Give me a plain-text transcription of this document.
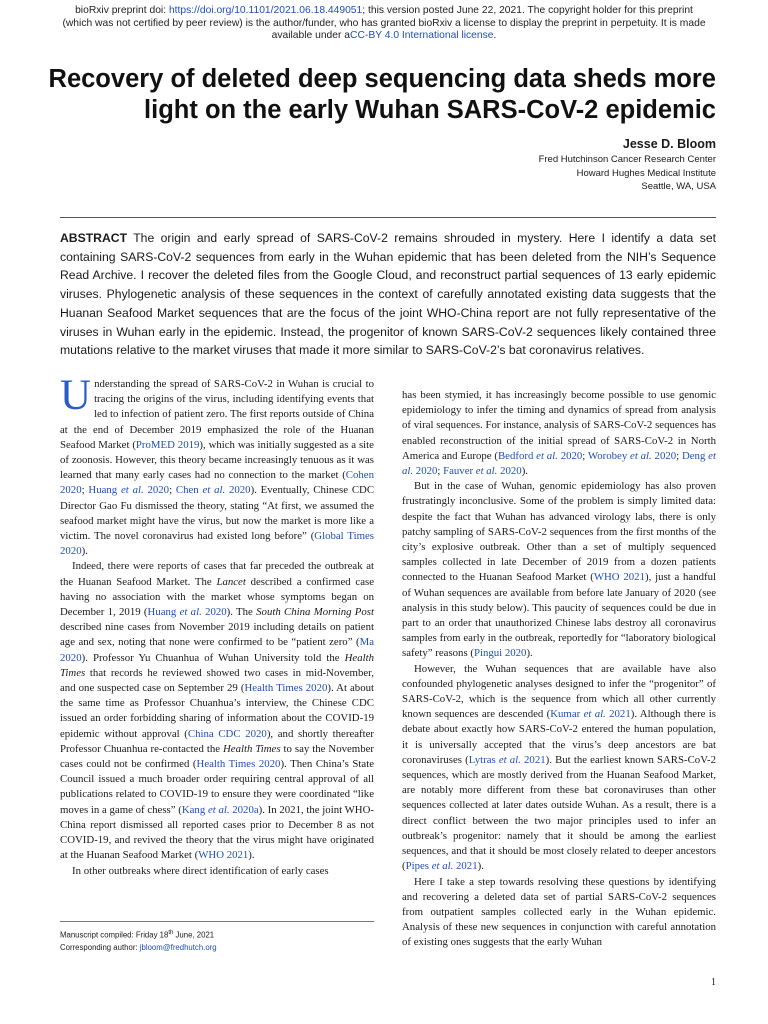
bioRxiv preprint doi: https://doi.org/10.1101/2021.06.18.449051; this version posted June 22, 2021. The copyright holder for this preprint
(which was not certified by peer review) is the author/funder, who has granted bioRxiv a license to display the preprint in perpetuity. It is made
available under aCC-BY 4.0 International license.
Recovery of deleted deep sequencing data sheds more light on the early Wuhan SARS-CoV-2 epidemic
Jesse D. Bloom
Fred Hutchinson Cancer Research Center
Howard Hughes Medical Institute
Seattle, WA, USA
ABSTRACT The origin and early spread of SARS-CoV-2 remains shrouded in mystery. Here I identify a data set containing SARS-CoV-2 sequences from early in the Wuhan epidemic that has been deleted from the NIH’s Sequence Read Archive. I recover the deleted files from the Google Cloud, and reconstruct partial sequences of 13 early epidemic viruses. Phylogenetic analysis of these sequences in the context of carefully annotated existing data suggests that the Huanan Seafood Market sequences that are the focus of the joint WHO-China report are not fully representative of the viruses in Wuhan early in the epidemic. Instead, the progenitor of known SARS-CoV-2 sequences likely contained three mutations relative to the market viruses that made it more similar to SARS-CoV-2’s bat coronavirus relatives.

Understanding the spread of SARS-CoV-2 in Wuhan is crucial to tracing the origins of the virus, including identifying events that led to infection of patient zero. The first reports outside of China at the end of December 2019 emphasized the role of the Huanan Seafood Market (ProMED 2019), which was initially suggested as a site of zoonosis. However, this theory became increasingly tenuous as it was learned that many early cases had no connection to the market (Cohen 2020; Huang et al. 2020; Chen et al. 2020). Eventually, Chinese CDC Director Gao Fu dismissed the theory, stating “At first, we assumed the seafood market might have the virus, but now the market is more like a victim. The novel coronavirus had existed long before” (Global Times 2020).

Indeed, there were reports of cases that far preceded the outbreak at the Huanan Seafood Market. The Lancet described a confirmed case having no association with the market whose symptoms began on December 1, 2019 (Huang et al. 2020). The South China Morning Post described nine cases from November 2019 including details on patient age and sex, noting that none were confirmed to be “patient zero” (Ma 2020). Professor Yu Chuanhua of Wuhan University told the Health Times that records he reviewed showed two cases in mid-November, and one suspected case on September 29 (Health Times 2020). At about the same time as Professor Chuanhua’s interview, the Chinese CDC issued an order forbidding sharing of information about the COVID-19 epidemic without approval (China CDC 2020), and shortly thereafter Professor Chuanhua re-contacted the Health Times to say the November cases could not be confirmed (Health Times 2020). Then China’s State Council issued a much broader order requiring central approval of all publications related to COVID-19 to ensure they were coordinated “like moves in a game of chess” (Kang et al. 2020a). In 2021, the joint WHO-China report dismissed all reported cases prior to December 8 as not COVID-19, and revived the theory that the virus might have originated at the Huanan Seafood Market (WHO 2021).

In other outbreaks where direct identification of early cases

has been stymied, it has increasingly become possible to use genomic epidemiology to infer the timing and dynamics of spread from analysis of viral sequences. For instance, analysis of SARS-CoV-2 sequences has enabled reconstruction of the initial spread of SARS-CoV-2 in North America and Europe (Bedford et al. 2020; Worobey et al. 2020; Deng et al. 2020; Fauver et al. 2020).

But in the case of Wuhan, genomic epidemiology has also proven frustratingly inconclusive. Some of the problem is simply limited data: despite the fact that Wuhan has advanced virology labs, there is only patchy sampling of SARS-CoV-2 sequences from the first months of the city’s explosive outbreak. Other than a set of multiply sequenced samples collected in late December of 2019 from a dozen patients connected to the Huanan Seafood Market (WHO 2021), just a handful of Wuhan sequences are available from before late January of 2020 (see analysis in this study below). This paucity of sequences could be due in part to an order that unauthorized Chinese labs destroy all coronavirus samples from early in the outbreak, reportedly for “laboratory biological safety” reasons (Pingui 2020).

However, the Wuhan sequences that are available have also confounded phylogenetic analyses designed to infer the “progenitor” of SARS-CoV-2, which is the sequence from which all other currently known sequences are descended (Kumar et al. 2021). Although there is debate about exactly how SARS-CoV-2 entered the human population, it is universally accepted that the virus’s deep ancestors are bat coronaviruses (Lytras et al. 2021). But the earliest known SARS-CoV-2 sequences, which are mostly derived from the Huanan Seafood Market, are notably more different from these bat coronaviruses than other sequences collected at later dates outside Wuhan. As a result, there is a direct conflict between the two major principles used to infer an outbreak’s progenitor: namely that it should be among the earliest sequences, and that it should be most closely related to deeper ancestors (Pipes et al. 2021).

Here I take a step towards resolving these questions by identifying and recovering a deleted data set of partial SARS-CoV-2 sequences from outpatient samples collected early in the Wuhan epidemic. Analysis of these new sequences in conjunction with careful annotation of existing ones suggests that the early Wuhan

Manuscript compiled: Friday 18th June, 2021
Corresponding author: jbloom@fredhutch.org
1
